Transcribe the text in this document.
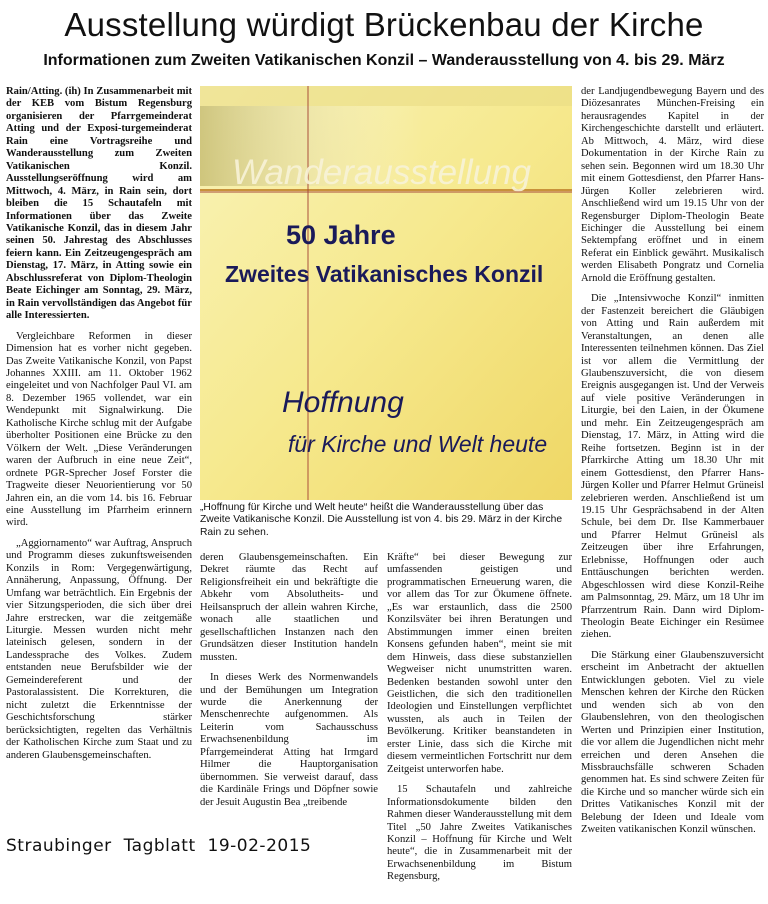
Ausstellung würdigt Brückenbau der Kirche
Informationen zum Zweiten Vatikanischen Konzil – Wanderausstellung von 4. bis 29. März

Rain/Atting. (ih) In Zusammenarbeit mit der KEB vom Bistum Regensburg organisieren der Pfarrgemeinderat Atting und der Exposi-turgemeinderat Rain eine Vortragsreihe und Wanderausstellung zum Zweiten Vatikanischen Konzil. Ausstellungseröffnung wird am Mittwoch, 4. März, in Rain sein, dort bleiben die 15 Schautafeln mit Informationen über das Zweite Vatikanische Konzil, das in diesem Jahr seinen 50. Jahrestag des Abschlusses feiern kann. Ein Zeitzeugengespräch am Dienstag, 17. März, in Atting sowie ein Abschlussreferat von Diplom-Theologin Beate Eichinger am Sonntag, 29. März, in Rain vervollständigen das Angebot für alle Interessierten.

Vergleichbare Reformen in dieser Dimension hat es vorher nicht gegeben. Das Zweite Vatikanische Konzil, von Papst Johannes XXIII. am 11. Oktober 1962 eingeleitet und von Nachfolger Paul VI. am 8. Dezember 1965 vollendet, war ein Wendepunkt mit Signalwirkung. Die Katholische Kirche schlug mit der Aufgabe überholter Positionen eine Brücke zu den Völkern der Welt. „Diese Veränderungen waren der Aufbruch in eine neue Zeit“, ordnete PGR-Sprecher Josef Forster die Tragweite dieser Neuorientierung vor 50 Jahren ein, an die vom 14. bis 16. Februar eine Ausstellung im Pfarrheim erinnern wird.

„Aggiornamento“ war Auftrag, Anspruch und Programm dieses zukunftsweisenden Konzils in Rom: Vergegenwärtigung, Annäherung, Anpassung, Öffnung. Der Umfang war beträchtlich. Ein Ergebnis der vier Sitzungsperioden, die sich über drei Jahre erstrecken, war die zeitgemäße Liturgie. Messen wurden nicht mehr lateinisch gelesen, sondern in der Landessprache des Volkes. Zudem entstanden neue Berufsbilder wie der Gemeindereferent und der Pastoralassistent. Die Korrekturen, die nicht zuletzt die Erkenntnisse der Geschichtsforschung stärker berücksichtigten, regelten das Verhältnis der Katholischen Kirche zum Staat und zu anderen Glaubensgemeinschaften.

Wanderausstellung
50 Jahre
Zweites Vatikanisches Konzil
Hoffnung
für Kirche und Welt heute
„Hoffnung für Kirche und Welt heute“ heißt die Wanderausstellung über das Zweite Vatikanische Konzil. Die Ausstellung ist von 4. bis 29. März in der Kirche Rain zu sehen.

deren Glaubensgemeinschaften. Ein Dekret räumte das Recht auf Religionsfreiheit ein und bekräftigte die Abkehr vom Absolutheits- und Heilsanspruch der allein wahren Kirche, wonach alle staatlichen und gesellschaftlichen Instanzen nach den Grundsätzen dieser Institution handeln mussten.

In dieses Werk des Normenwandels und der Bemühungen um Integration wurde die Anerkennung der Menschenrechte aufgenommen. Als Leiterin vom Sachausschuss Erwachsenenbildung im Pfarrgemeinderat Atting hat Irmgard Hilmer die Hauptorganisation übernommen. Sie verweist darauf, dass die Kardinäle Frings und Döpfner sowie der Jesuit Augustin Bea „treibende

Kräfte“ bei dieser Bewegung zur umfassenden geistigen und programmatischen Erneuerung waren, die vor allem das Tor zur Ökumene öffnete. „Es war erstaunlich, dass die 2500 Konzilsväter bei ihren Beratungen und Abstimmungen immer einen breiten Konsens gefunden haben“, meint sie mit dem Hinweis, dass diese substanziellen Wegweiser nicht unumstritten waren. Bedenken bestanden sowohl unter den Geistlichen, die sich den traditionellen Ideologien und Einstellungen verpflichtet wussten, als auch in Teilen der Bevölkerung. Kritiker beanstandeten in erster Linie, dass sich die Kirche mit diesem vermeintlichen Fortschritt nur dem Zeitgeist unterworfen habe.

15 Schautafeln und zahlreiche Informationsdokumente bilden den Rahmen dieser Wanderausstellung mit dem Titel „50 Jahre Zweites Vatikanisches Konzil – Hoffnung für Kirche und Welt heute“, die in Zusammenarbeit mit der Erwachsenenbildung im Bistum Regensburg,

der Landjugendbewegung Bayern und des Diözesanrates München-Freising ein herausragendes Kapitel in der Kirchengeschichte darstellt und erläutert. Ab Mittwoch, 4. März, wird diese Dokumentation in der Kirche Rain zu sehen sein. Begonnen wird um 18.30 Uhr mit einem Gottesdienst, den Pfarrer Hans-Jürgen Koller zelebrieren wird. Anschließend wird um 19.15 Uhr von der Regensburger Diplom-Theologin Beate Eichinger die Ausstellung bei einem Sektempfang eröffnet und in einem Referat ein Einblick gewährt. Musikalisch werden Elisabeth Pongratz und Cornelia Arnold die Eröffnung gestalten.

Die „Intensivwoche Konzil“ inmitten der Fastenzeit bereichert die Gläubigen von Atting und Rain außerdem mit Veranstaltungen, an denen alle Interessenten teilnehmen können. Das Ziel ist vor allem die Vermittlung der Glaubenszuversicht, die von diesem Ereignis ausgegangen ist. Und der Verweis auf viele positive Veränderungen in Liturgie, bei den Laien, in der Ökumene und mehr. Ein Zeitzeugengespräch am Dienstag, 17. März, in Atting wird die Reihe fortsetzen. Beginn ist in der Pfarrkirche Atting um 18.30 Uhr mit einem Gottesdienst, den Pfarrer Hans-Jürgen Koller und Pfarrer Helmut Grüneisl zelebrieren werden. Anschließend ist um 19.15 Uhr Gesprächsabend in der Alten Schule, bei dem Dr. Ilse Kammerbauer und Pfarrer Helmut Grüneisl als Zeitzeugen über ihre Erfahrungen, Erlebnisse, Hoffnungen oder auch Enttäuschungen berichten werden. Abgeschlossen wird diese Konzil-Reihe am Palmsonntag, 29. März, um 18 Uhr im Pfarrzentrum Rain. Dann wird Diplom-Theologin Beate Eichinger ein Resümee ziehen.

Die Stärkung einer Glaubenszuversicht erscheint im Anbetracht der aktuellen Entwicklungen geboten. Viel zu viele Menschen kehren der Kirche den Rücken und wenden sich ab von den Glaubenslehren, von den theologischen Werten und Prinzipien einer Institution, die vor allem die Jugendlichen nicht mehr erreichen und deren Ansehen die Missbrauchsfälle schweren Schaden genommen hat. Es sind schwere Zeiten für die Kirche und so mancher würde sich ein Drittes Vatikanisches Konzil mit der Belebung der Ideen und Ideale vom Zweiten vatikanischen Konzil wünschen.

Straubinger Tagblatt 19-02-2015
